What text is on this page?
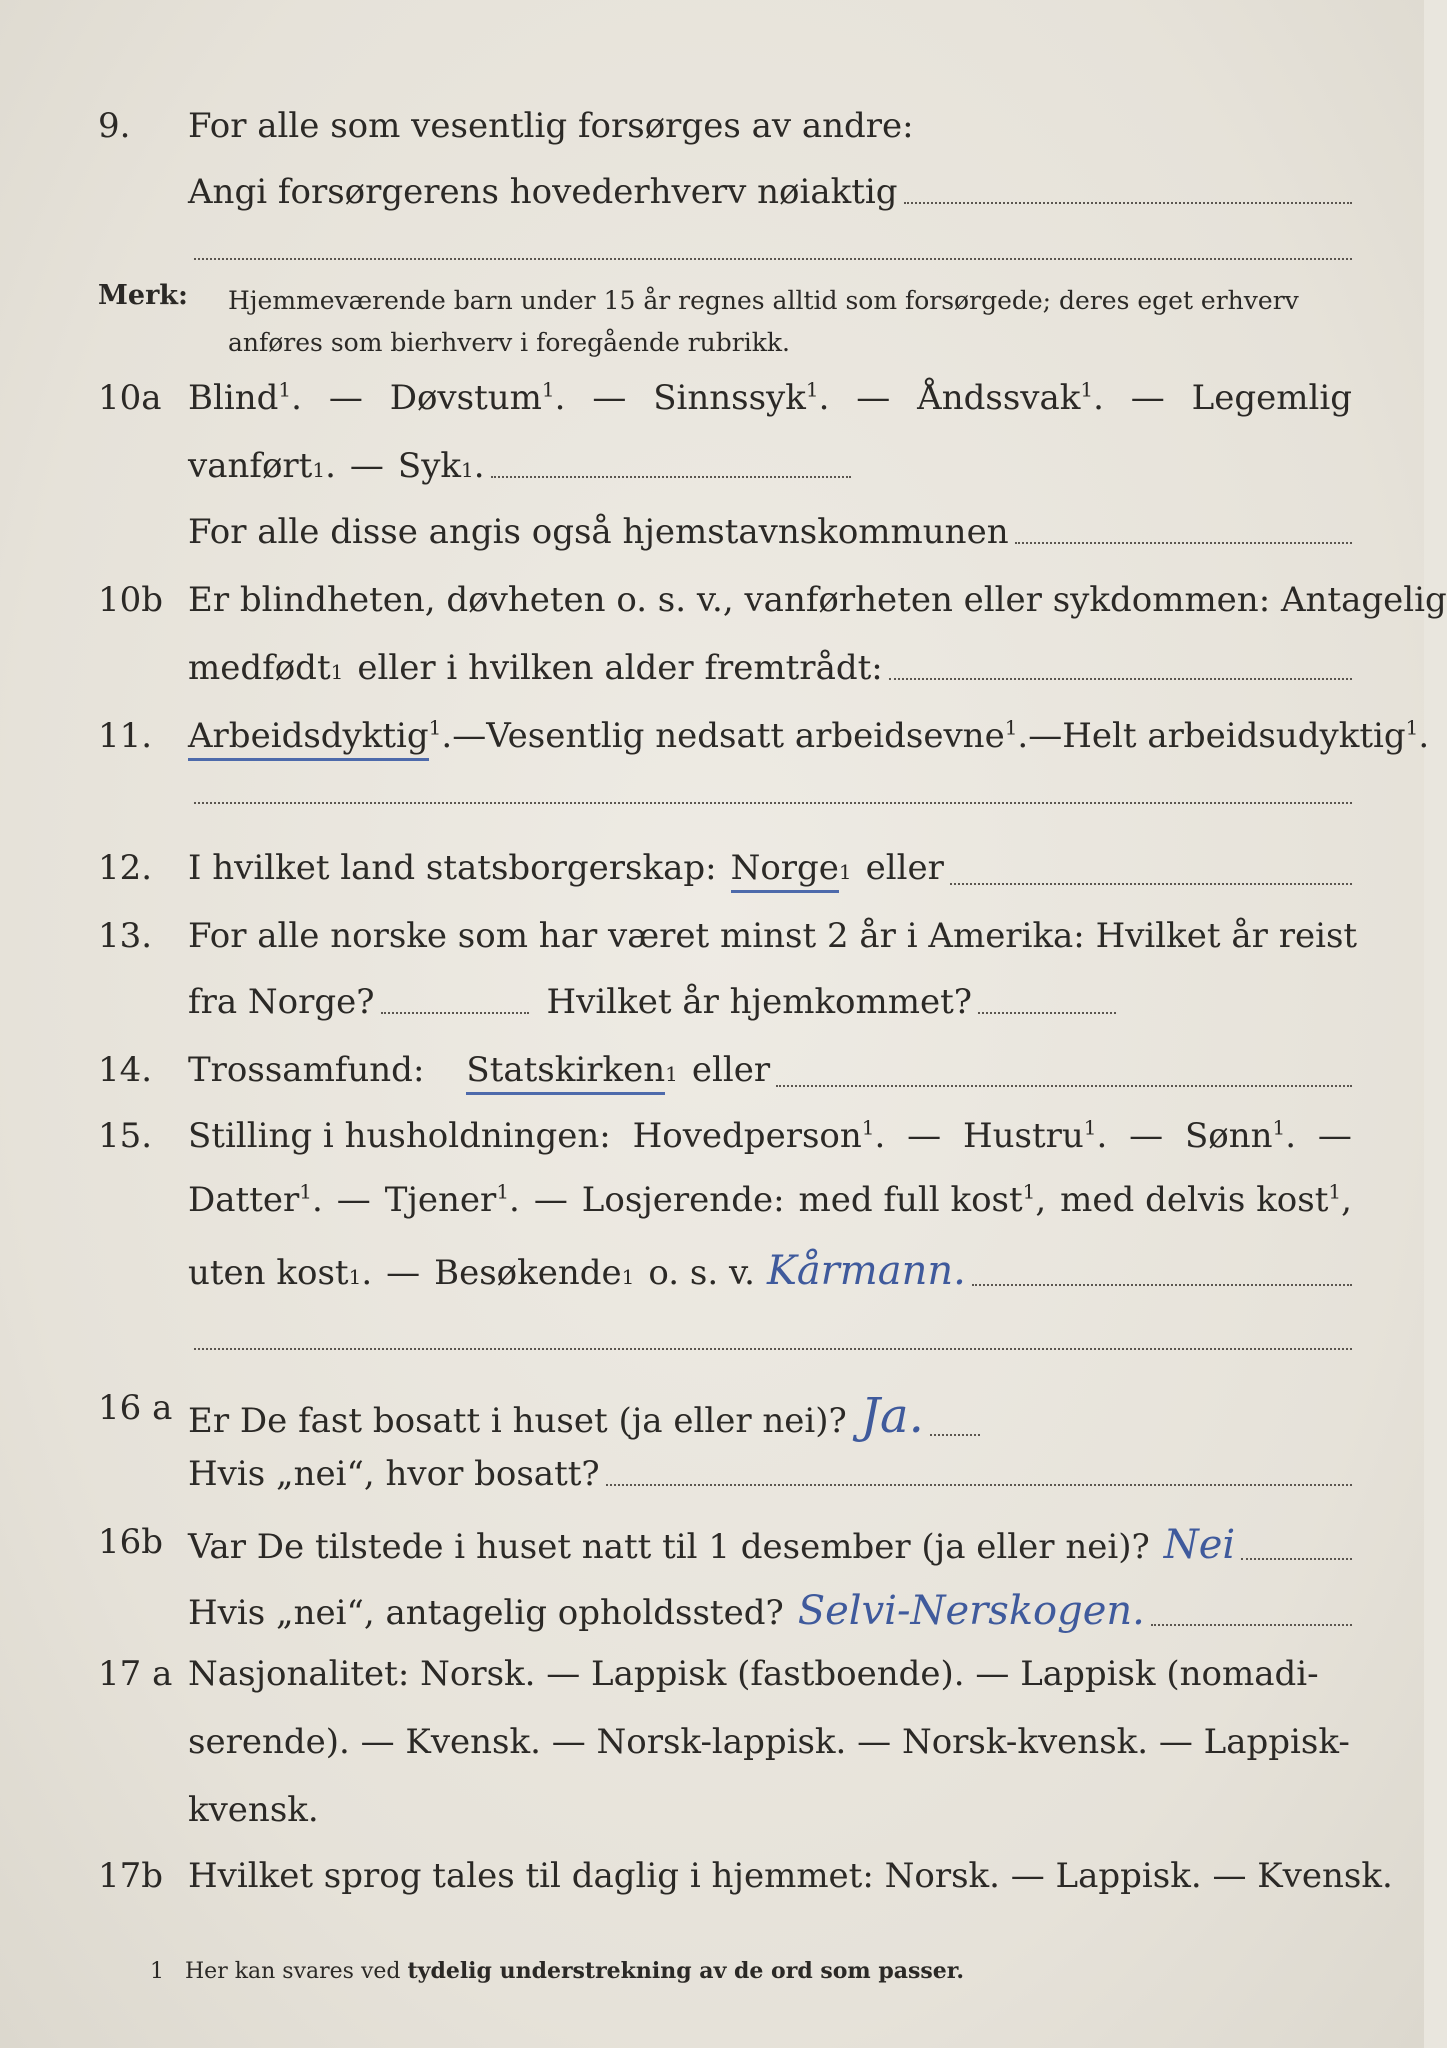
9. For alle som vesentlig forsørges av andre:
Angi forsørgerens hovederhverv nøiaktig
Merk: Hjemmeværende barn under 15 år regnes alltid som forsørgede; deres eget erhverv anføres som bierhverv i foregående rubrikk.
10a Blind$^1$. — Døvstum$^1$. — Sinnssyk$^1$. — Åndssvak$^1$. — Legemlig
vanført 1 . — Syk 1 .
For alle disse angis også hjemstavnskommunen
10b Er blindheten, døvheten o. s. v., vanførheten eller sykdommen: Antagelig
medfødt 1 eller i hvilken alder fremtrådt:
11. Arbeidsdyktig$^1$. — Vesentlig nedsatt arbeidsevne$^1$. — Helt arbeidsudyktig$^1$.
12. I hvilket land statsborgerskap: Norge 1 eller
13. For alle norske som har været minst 2 år i Amerika: Hvilket år reist
fra Norge?	Hvilket år hjemkommet?
14. Trossamfund: Statskirken 1 eller
15. Stilling i husholdningen: Hovedperson$^1$. — Hustru$^1$. — Sønn$^1$. —
Datter$^1$. — Tjener$^1$. — Losjerende: med full kost$^1$, med delvis kost$^1$,
uten kost 1 . — Besøkende 1 o. s. v. Kårmann.
16 a Er De fast bosatt i huset (ja eller nei)? Ja.
Hvis „nei“, hvor bosatt?
16b Var De tilstede i huset natt til 1 desember (ja eller nei)? Nei
Hvis „nei“, antagelig opholdssted? Selvi-Nerskogen.
17 a Nasjonalitet: Norsk. — Lappisk (fastboende). — Lappisk (nomadi-
serende). — Kvensk. — Norsk-lappisk. — Norsk-kvensk. — Lappisk-
kvensk.
17b Hvilket sprog tales til daglig i hjemmet: Norsk. — Lappisk. — Kvensk.
1 Her kan svares ved tydelig understrekning av de ord som passer.
